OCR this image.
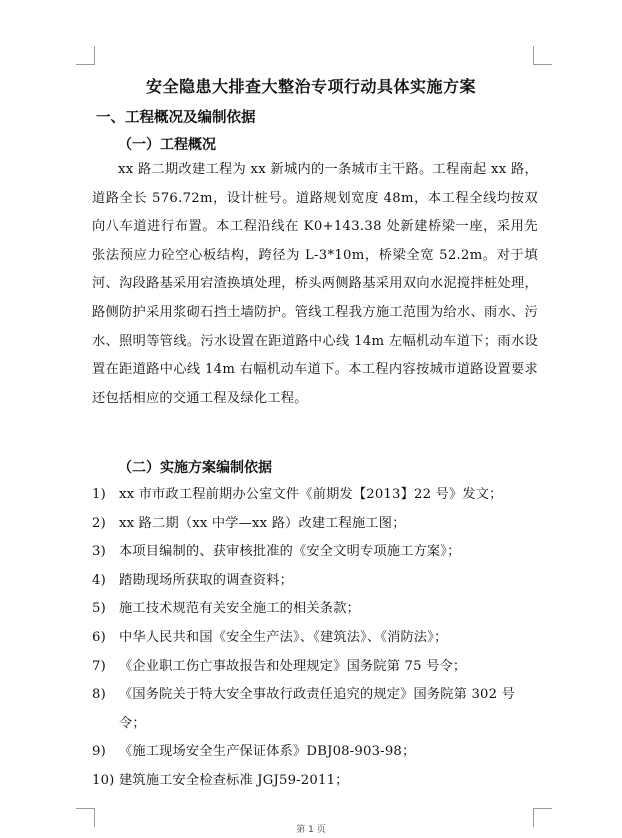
安全隐患大排查大整治专项行动具体实施方案
一、工程概况及编制依据
（一）工程概况

xx 路二期改建工程为 xx 新城内的一条城市主干路。工程南起 xx 路，道路全长 576.72m，设计桩号。道路规划宽度 48m，本工程全线均按双向八车道进行布置。本工程沿线在 K0+143.38 处新建桥梁一座，采用先张法预应力砼空心板结构，跨径为 L-3*10m，桥梁全宽 52.2m。对于填河、沟段路基采用宕渣换填处理，桥头两侧路基采用双向水泥搅拌桩处理，路侧防护采用浆砌石挡土墙防护。管线工程我方施工范围为给水、雨水、污水、照明等管线。污水设置在距道路中心线 14m 左幅机动车道下；雨水设置在距道路中心线 14m 右幅机动车道下。本工程内容按城市道路设置要求还包括相应的交通工程及绿化工程。

（二）实施方案编制依据
1) xx 市市政工程前期办公室文件《前期发【2013】22 号》发文；
2) xx 路二期（xx 中学—xx 路）改建工程施工图；
3) 本项目编制的、获审核批准的《安全文明专项施工方案》；
4) 踏勘现场所获取的调查资料；
5) 施工技术规范有关安全施工的相关条款；
6) 中华人民共和国《安全生产法》、《建筑法》、《消防法》；
7) 《企业职工伤亡事故报告和处理规定》国务院第 75 号令；
8) 《国务院关于特大安全事故行政责任追究的规定》国务院第 302 号令；
9) 《施工现场安全生产保证体系》DBJ08-903-98；
10) 建筑施工安全检查标准 JGJ59-2011；
第 1 页
